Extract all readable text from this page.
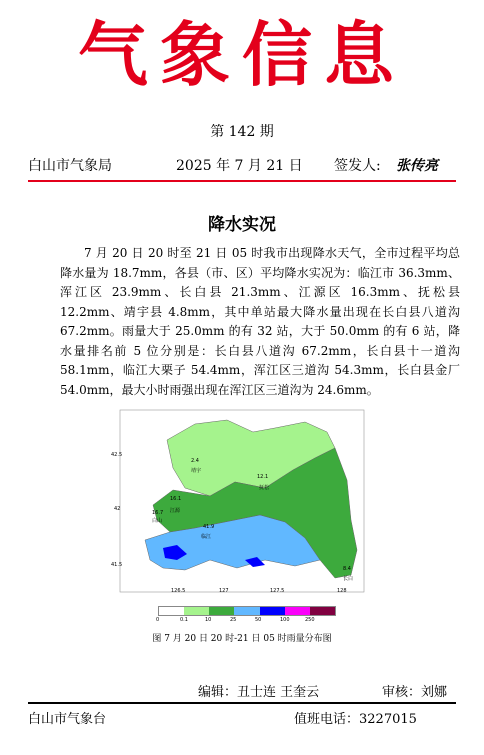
气象信息
第 142 期
白山市气象局	2025 年 7 月 21 日 签发人: 张传亮
降水实况

7 月 20 日 20 时至 21 日 05 时我市出现降水天气，全市过程平均总降水量为 18.7mm，各县（市、区）平均降水实况为：临江市 36.3mm、浑江区 23.9mm、长白县 21.3mm、江源区 16.3mm、抚松县 12.2mm、靖宇县 4.8mm，其中单站最大降水量出现在长白县八道沟 67.2mm。雨量大于 25.0mm 的有 32 站，大于 50.0mm 的有 6 站，降水量排名前 5 位分别是：长白县八道沟 67.2mm，长白县十一道沟 58.1mm，临江大栗子 54.4mm，浑江区三道沟 54.3mm，长白县金厂 54.0mm，最大小时雨强出现在浑江区三道沟为 24.6mm。

42.5
42
41.5
126.5	127	127.5	128
2.4
靖宇
12.1
抚松
16.1
16.7 江源
白山
41.9
临江
8.4
长白
0	0.1	10	25	50	100	250
图 7 月 20 日 20 时-21 日 05 时雨量分布图
编辑：丑士连 王奎云	审核：刘娜
白山市气象台	值班电话：3227015
